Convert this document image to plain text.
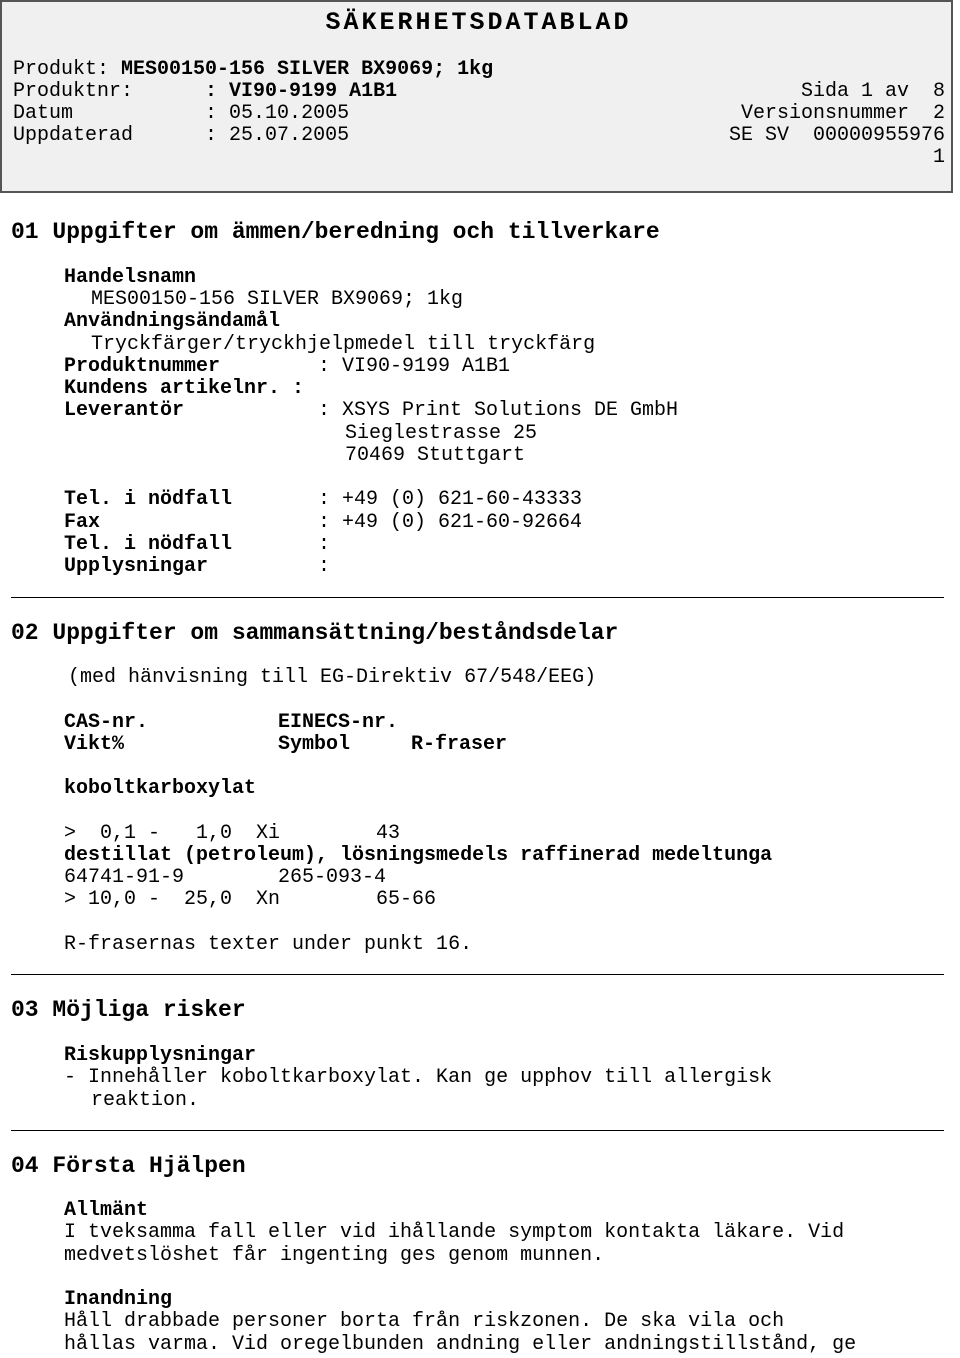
SÄKERHETSDATABLAD
Produkt: MES00150-156 SILVER BX9069; 1kg
Produktnr:	: VI90-9199 A1B1	Sida 1 av  8
Datum	: 05.10.2005	Versionsnummer  2
Uppdaterad	: 25.07.2005	SE SV  00000955976
1
01 Uppgifter om ämmen/beredning och tillverkare
Handelsnamn
MES00150-156 SILVER BX9069; 1kg
Användningsändamål
Tryckfärger/tryckhjelpmedel till tryckfärg
Produktnummer	: VI90-9199 A1B1
Kundens artikelnr. :
Leverantör	: XSYS Print Solutions DE GmbH
Sieglestrasse 25
70469 Stuttgart
Tel. i nödfall	: +49 (0) 621-60-43333
Fax	: +49 (0) 621-60-92664
Tel. i nödfall	:
Upplysningar	:
02 Uppgifter om sammansättning/beståndsdelar
(med hänvisning till EG-Direktiv 67/548/EEG)
CAS-nr.	EINECS-nr.
Vikt%	Symbol	R-fraser
koboltkarboxylat
>  0,1 -   1,0  Xi        43
destillat (petroleum), lösningsmedels raffinerad medeltunga
64741-91-9	265-093-4
> 10,0 -  25,0  Xn        65-66
R-frasernas texter under punkt 16.
03 Möjliga risker
Riskupplysningar
- Innehåller koboltkarboxylat. Kan ge upphov till allergisk
reaktion.
04 Första Hjälpen
Allmänt
I tveksamma fall eller vid ihållande symptom kontakta läkare. Vid
medvetslöshet får ingenting ges genom munnen.
Inandning
Håll drabbade personer borta från riskzonen. De ska vila och
hållas varma. Vid oregelbunden andning eller andningstillstånd, ge
